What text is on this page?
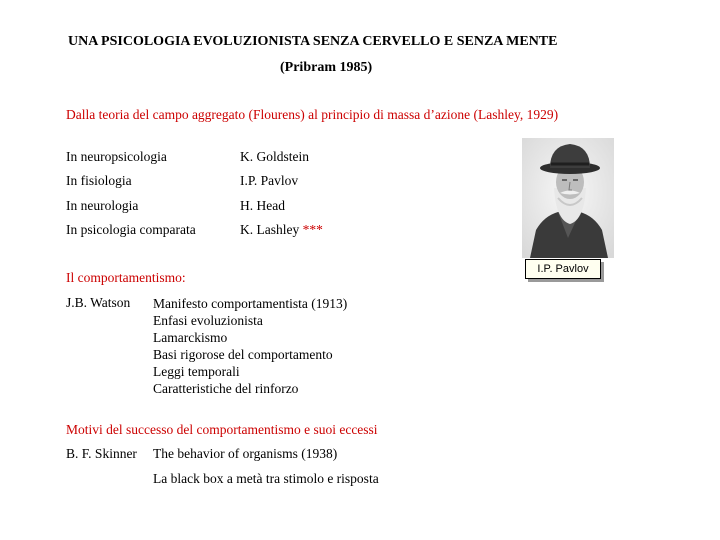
UNA PSICOLOGIA EVOLUZIONISTA SENZA CERVELLO E SENZA MENTE
(Pribram 1985)
Dalla teoria del campo aggregato (Flourens) al principio di massa d’azione (Lashley, 1929)
In neuropsicologia	K. Goldstein
In fisiologia	I.P. Pavlov
In neurologia	H. Head
In psicologia comparata	K. Lashley ***
I.P. Pavlov
Il comportamentismo:
J.B. Watson Manifesto comportamentista (1913)
Enfasi evoluzionista
Lamarckismo
Basi rigorose del comportamento
Leggi temporali
Caratteristiche del rinforzo
Motivi del successo del comportamentismo e suoi eccessi
B. F. Skinner The behavior of organisms (1938)
La black box a metà tra stimolo e risposta
